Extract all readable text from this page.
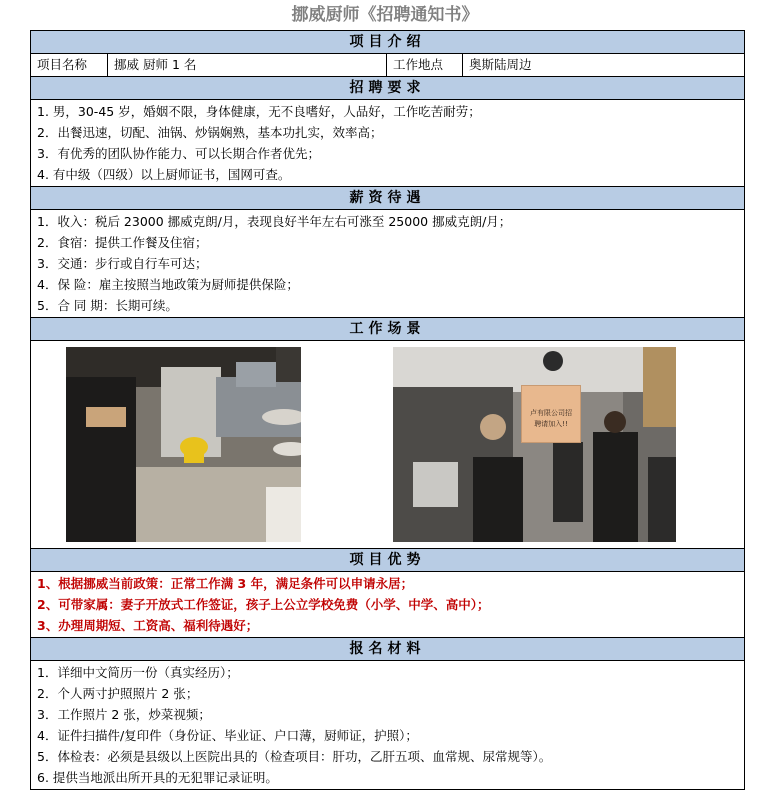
挪威厨师《招聘通知书》
项目介绍
项目名称	挪威 厨师 1 名	工作地点	奥斯陆周边
招聘要求
1. 男，30-45 岁，婚姻不限，身体健康，无不良嗜好，人品好，工作吃苦耐劳；
2．出餐迅速，切配、油锅、炒锅娴熟，基本功扎实，效率高；
3．有优秀的团队协作能力、可以长期合作者优先；
4. 有中级（四级）以上厨师证书，国网可查。
薪资待遇
1．收入：税后 23000 挪威克朗/月，表现良好半年左右可涨至 25000 挪威克朗/月；
2．食宿：提供工作餐及住宿；
3．交通：步行或自行车可达；
4．保 险：雇主按照当地政策为厨师提供保险；
5．合 同 期：长期可续。
工作场景
卢有限公司招
聘请加入!!
项目优势
1、根据挪威当前政策：正常工作满 3 年，满足条件可以申请永居；
2、可带家属：妻子开放式工作签证，孩子上公立学校免费（小学、中学、高中）；
3、办理周期短、工资高、福利待遇好；
报名材料
1．详细中文简历一份（真实经历）；
2．个人两寸护照照片 2 张；
3．工作照片 2 张，炒菜视频；
4．证件扫描件/复印件（身份证、毕业证、户口薄，厨师证，护照）；
5．体检表：必须是县级以上医院出具的（检查项目：肝功，乙肝五项、血常规、尿常规等）。
6. 提供当地派出所开具的无犯罪记录证明。
